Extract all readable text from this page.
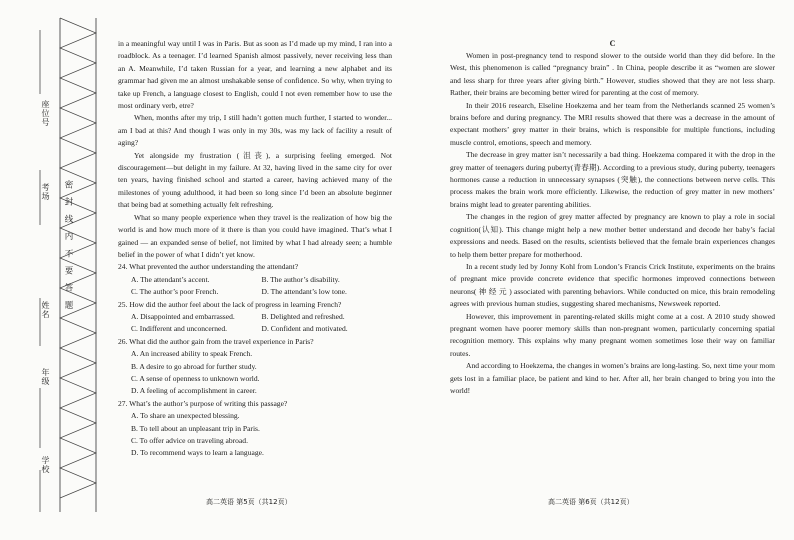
座位号
考场
姓名
年级
学校
密 封 线 内 不 要 答 题

in a meaningful way until I was in Paris. But as soon as I’d made up my mind, I ran into a roadblock. As a teenager. I’d learned Spanish almost passively, never receiving less than an A. Meanwhile, I’d taken Russian for a year, and learning a new alphabet and its grammar had given me an almost unshakable sense of confidence. So why, when trying to take up French, a language closest to English, could I not even remember how to use the most ordinary verb, etre?

When, months after my trip, I still hadn’t gotten much further, I started to wonder... am I bad at this? And though I was only in my 30s, was my lack of facility a result of aging?

Yet alongside my frustration (沮丧), a surprising feeling emerged. Not discouragement—but delight in my failure. At 32, having lived in the same city for over ten years, having finished school and started a career, having achieved many of the milestones of young adulthood, it had been so long since I’d been an absolute beginner that being bad at something actually felt refreshing.

What so many people experience when they travel is the realization of how big the world is and how much more of it there is than you could have imagined. That’s what I gained — an expanded sense of belief, not limited by what I had already seen; a humble belief in the power of what I didn’t yet know.

24. What prevented the author understanding the attendant?

A. The attendant’s accent.	B. The author’s disability.
C. The author’s poor French.	D. The attendant’s low tone.

25. How did the author feel about the lack of progress in learning French?

A. Disappointed and embarrassed.	B. Delighted and refreshed.
C. Indifferent and unconcerned.	D. Confident and motivated.

26. What did the author gain from the travel experience in Paris?

A. An increased ability to speak French.

B. A desire to go abroad for further study.

C. A sense of openness to unknown world.

D. A feeling of accomplishment in career.

27. What’s the author’s purpose of writing this passage?

A. To share an unexpected blessing.

B. To tell about an unpleasant trip in Paris.

C. To offer advice on traveling abroad.

D. To recommend ways to learn a language.

C

Women in post-pregnancy tend to respond slower to the outside world than they did before. In the West, this phenomenon is called “pregnancy brain” . In China, people describe it as “women are slower and less sharp for three years after giving birth.” However, studies showed that they are not less sharp. Rather, their brains are becoming better wired for parenting at the cost of memory.

In their 2016 research, Elseline Hoekzema and her team from the Netherlands scanned 25 women’s brains before and during pregnancy. The MRI results showed that there was a decrease in the amount of expectant mothers’ grey matter in their brains, which is responsible for multiple functions, including muscle control, emotions, speech and memory.

The decrease in grey matter isn’t necessarily a bad thing. Hoekzema compared it with the drop in the grey matter of teenagers during puberty(青春期). According to a previous study, during puberty, teenagers hormones cause a reduction in unnecessary synapses (突触), the connections between nerve cells. This process makes the brain work more efficiently. Likewise, the reduction of grey matter in new mothers’ brains might lead to greater parenting abilities.

The changes in the region of grey matter affected by pregnancy are known to play a role in social cognition(认知). This change might help a new mother better understand and decode her baby’s facial expressions and needs. Based on the results, scientists believed that the female brain experiences changes to help them better prepare for motherhood.

In a recent study led by Jonny Kohl from London’s Francis Crick Institute, experiments on the brains of pregnant mice provide concrete evidence that specific hormones improved connections between neurons( 神 经 元 ) associated with parenting behaviors. While conducted on mice, this brain remodeling agrees with previous human studies, suggesting shared mechanisms, Newsweek reported.

However, this improvement in parenting-related skills might come at a cost. A 2010 study showed pregnant women have poorer memory skills than non-pregnant women, particularly concerning spatial recognition memory. This explains why many pregnant women sometimes lose their way on familiar routes.

And according to Hoekzema, the changes in women’s brains are long-lasting. So, next time your mom gets lost in a familiar place, be patient and kind to her. After all, her brain changed to bring you into the world!

高二英语 第5页（共12页）	高二英语 第6页（共12页）
